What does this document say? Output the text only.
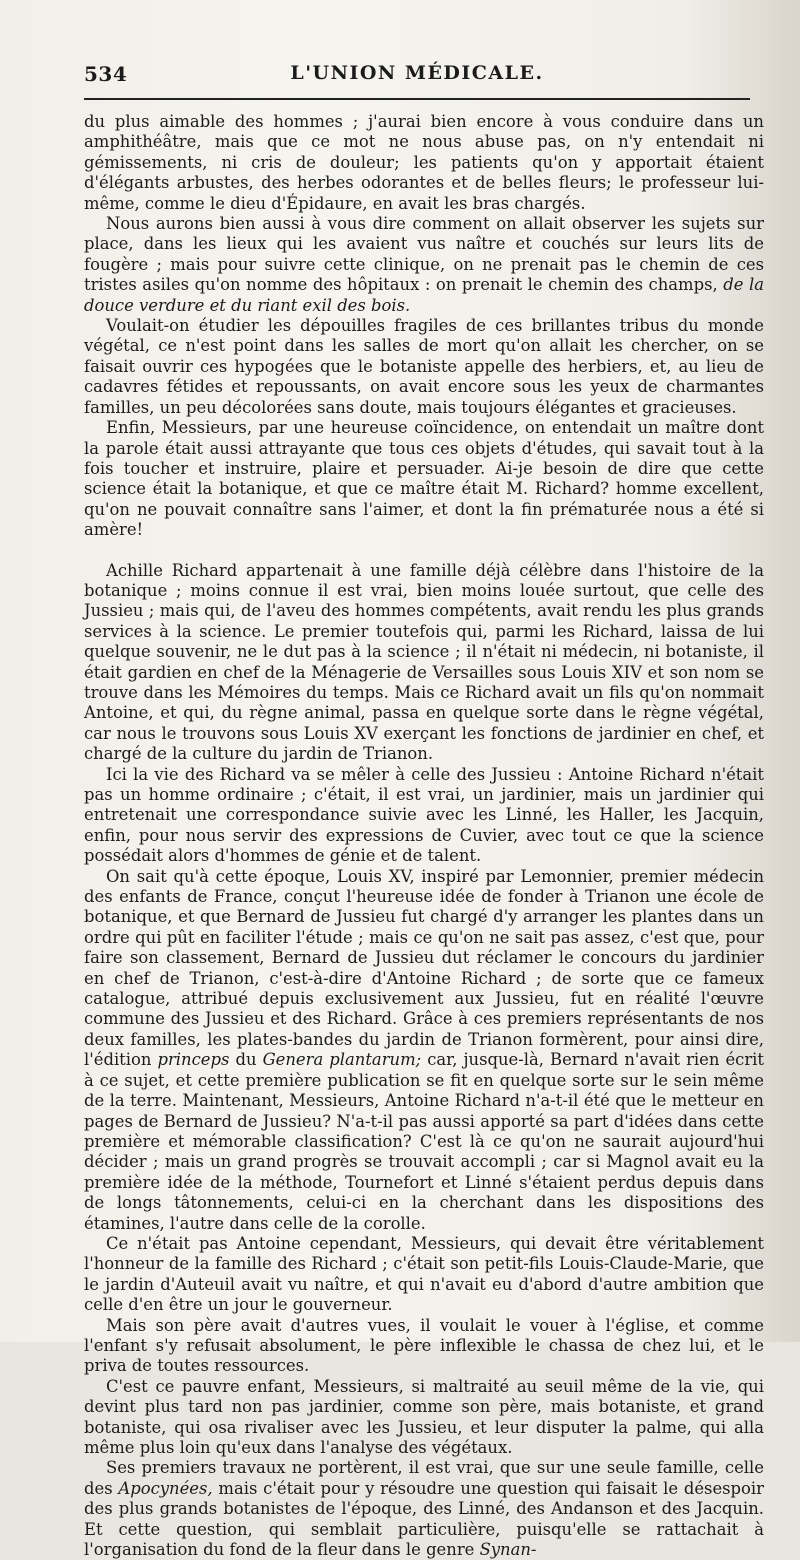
534	L'UNION MÉDICALE.

du plus aimable des hommes ; j'aurai bien encore à vous conduire dans un amphithéâtre, mais que ce mot ne nous abuse pas, on n'y entendait ni gémissements, ni cris de douleur; les patients qu'on y apportait étaient d'élégants arbustes, des herbes odorantes et de belles fleurs; le professeur lui-même, comme le dieu d'Épidaure, en avait les bras chargés.

Nous aurons bien aussi à vous dire comment on allait observer les sujets sur place, dans les lieux qui les avaient vus naître et couchés sur leurs lits de fougère ; mais pour suivre cette clinique, on ne prenait pas le chemin de ces tristes asiles qu'on nomme des hôpitaux : on prenait le chemin des champs, de la douce verdure et du riant exil des bois.

Voulait-on étudier les dépouilles fragiles de ces brillantes tribus du monde végétal, ce n'est point dans les salles de mort qu'on allait les chercher, on se faisait ouvrir ces hypogées que le botaniste appelle des herbiers, et, au lieu de cadavres fétides et repoussants, on avait encore sous les yeux de charmantes familles, un peu décolorées sans doute, mais toujours élégantes et gracieuses.

Enfin, Messieurs, par une heureuse coïncidence, on entendait un maître dont la parole était aussi attrayante que tous ces objets d'études, qui savait tout à la fois toucher et instruire, plaire et persuader. Ai-je besoin de dire que cette science était la botanique, et que ce maître était M. Richard? homme excellent, qu'on ne pouvait connaître sans l'aimer, et dont la fin prématurée nous a été si amère!

Achille Richard appartenait à une famille déjà célèbre dans l'histoire de la botanique ; moins connue il est vrai, bien moins louée surtout, que celle des Jussieu ; mais qui, de l'aveu des hommes compétents, avait rendu les plus grands services à la science. Le premier toutefois qui, parmi les Richard, laissa de lui quelque souvenir, ne le dut pas à la science ; il n'était ni médecin, ni botaniste, il était gardien en chef de la Ménagerie de Versailles sous Louis XIV et son nom se trouve dans les Mémoires du temps. Mais ce Richard avait un fils qu'on nommait Antoine, et qui, du règne animal, passa en quelque sorte dans le règne végétal, car nous le trouvons sous Louis XV exerçant les fonctions de jardinier en chef, et chargé de la culture du jardin de Trianon.

Ici la vie des Richard va se mêler à celle des Jussieu : Antoine Richard n'était pas un homme ordinaire ; c'était, il est vrai, un jardinier, mais un jardinier qui entretenait une correspondance suivie avec les Linné, les Haller, les Jacquin, enfin, pour nous servir des expressions de Cuvier, avec tout ce que la science possédait alors d'hommes de génie et de talent.

On sait qu'à cette époque, Louis XV, inspiré par Lemonnier, premier médecin des enfants de France, conçut l'heureuse idée de fonder à Trianon une école de botanique, et que Bernard de Jussieu fut chargé d'y arranger les plantes dans un ordre qui pût en faciliter l'étude ; mais ce qu'on ne sait pas assez, c'est que, pour faire son classement, Bernard de Jussieu dut réclamer le concours du jardinier en chef de Trianon, c'est-à-dire d'Antoine Richard ; de sorte que ce fameux catalogue, attribué depuis exclusivement aux Jussieu, fut en réalité l'œuvre commune des Jussieu et des Richard. Grâce à ces premiers représentants de nos deux familles, les plates-bandes du jardin de Trianon formèrent, pour ainsi dire, l'édition princeps du Genera plantarum; car, jusque-là, Bernard n'avait rien écrit à ce sujet, et cette première publication se fit en quelque sorte sur le sein même de la terre. Maintenant, Messieurs, Antoine Richard n'a-t-il été que le metteur en pages de Bernard de Jussieu? N'a-t-il pas aussi apporté sa part d'idées dans cette première et mémorable classification? C'est là ce qu'on ne saurait aujourd'hui décider ; mais un grand progrès se trouvait accompli ; car si Magnol avait eu la première idée de la méthode, Tournefort et Linné s'étaient perdus depuis dans de longs tâtonnements, celui-ci en la cherchant dans les dispositions des étamines, l'autre dans celle de la corolle.

Ce n'était pas Antoine cependant, Messieurs, qui devait être véritablement l'honneur de la famille des Richard ; c'était son petit-fils Louis-Claude-Marie, que le jardin d'Auteuil avait vu naître, et qui n'avait eu d'abord d'autre ambition que celle d'en être un jour le gouverneur.

Mais son père avait d'autres vues, il voulait le vouer à l'église, et comme l'enfant s'y refusait absolument, le père inflexible le chassa de chez lui, et le priva de toutes ressources.

C'est ce pauvre enfant, Messieurs, si maltraité au seuil même de la vie, qui devint plus tard non pas jardinier, comme son père, mais botaniste, et grand botaniste, qui osa rivaliser avec les Jussieu, et leur disputer la palme, qui alla même plus loin qu'eux dans l'analyse des végétaux.

Ses premiers travaux ne portèrent, il est vrai, que sur une seule famille, celle des Apocynées, mais c'était pour y résoudre une question qui faisait le désespoir des plus grands botanistes de l'époque, des Linné, des Andanson et des Jacquin. Et cette question, qui semblait particulière, puisqu'elle se rattachait à l'organisation du fond de la fleur dans le genre Synan-
